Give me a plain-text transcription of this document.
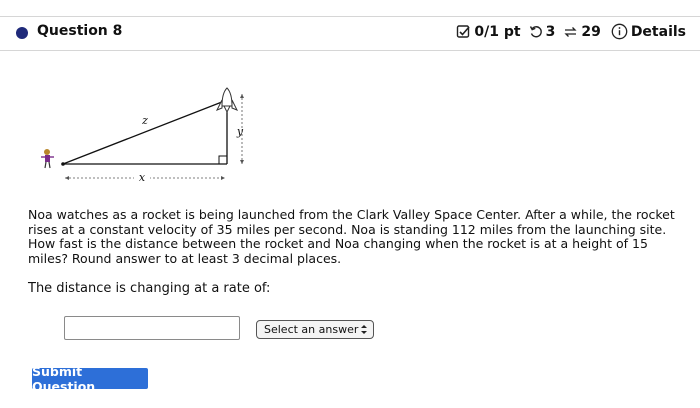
Question 8	0/1 pt 3 29 Details
x
z
y
Noa watches as a rocket is being launched from the Clark Valley Space Center. After a while, the rocket rises at a constant velocity of 35 miles per second. Noa is standing 112 miles from the launching site. How fast is the distance between the rocket and Noa changing when the rocket is at a height of 15 miles? Round answer to at least 3 decimal places.
The distance is changing at a rate of:
Select an answer
Submit Question
